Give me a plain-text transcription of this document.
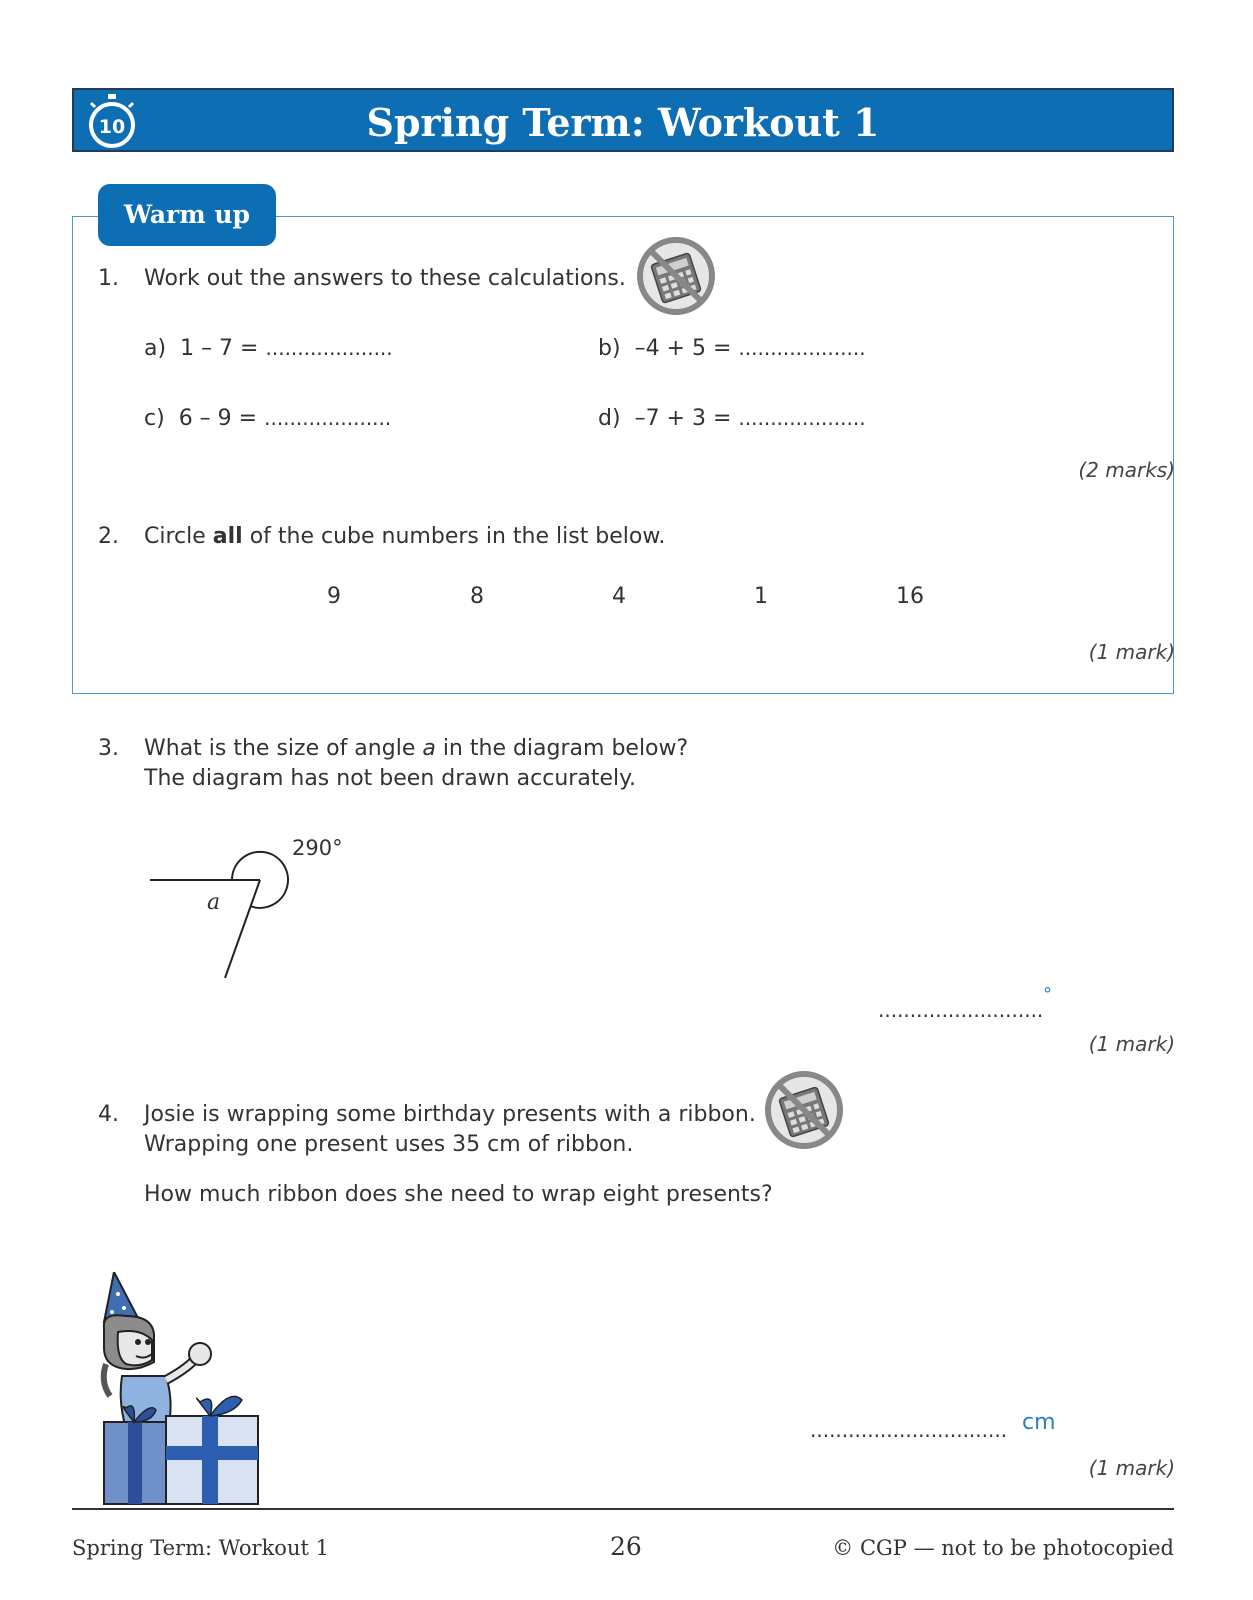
10	Spring Term: Workout 1
Warm up
1. Work out the answers to these calculations.
a) 1 – 7 = ....................	b) –4 + 5 = ....................
c) 6 – 9 = ....................	d) –7 + 3 = ....................
(2 marks)
2. Circle all of the cube numbers in the list below.
9	8	4	1	16
(1 mark)
3. What is the size of angle a in the diagram below?
The diagram has not been drawn accurately.
290°
a
..........................
°
(1 mark)
4. Josie is wrapping some birthday presents with a ribbon.
Wrapping one present uses 35 cm of ribbon.
How much ribbon does she need to wrap eight presents?
............................... cm
(1 mark)
Spring Term: Workout 1	26	© CGP — not to be photocopied
